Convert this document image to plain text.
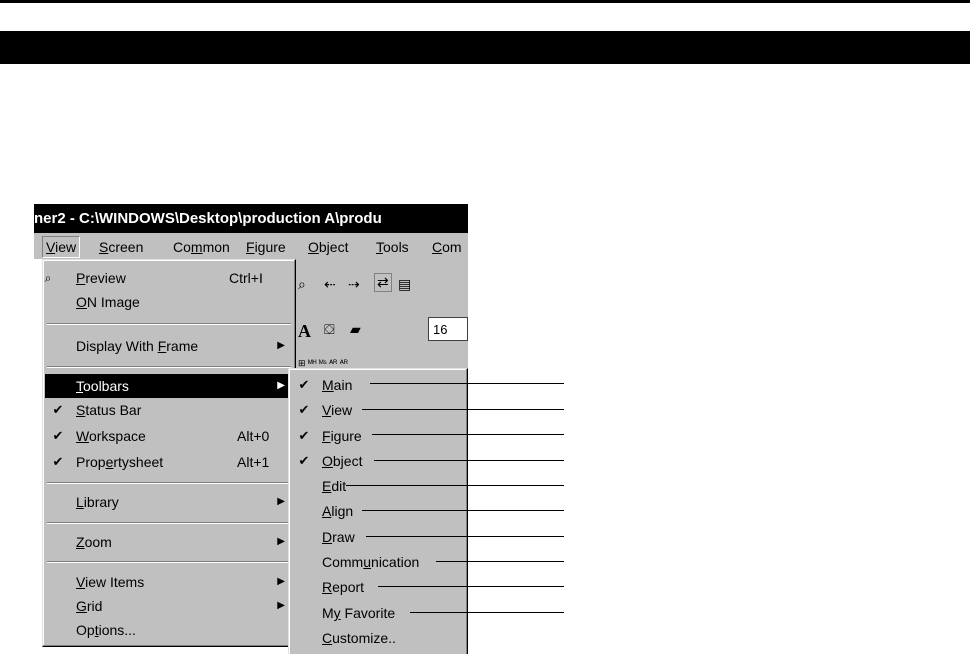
ner2 - C:\WINDOWS\Desktop\production A\produ
View Screen Common Figure Object Tools Com
⌕ ⇠ ⇢ ⇄ ▤
A ⛋ ▰	16
⊞ ᴹᴴ ᴹˢ ᴬᴿ ᴬᴿ
⌕ Preview	Ctrl+I
ON Image
Display With Frame	▶
Toolbars	▶
✔ Status Bar
✔ Workspace	Alt+0
✔ Propertysheet	Alt+1
Library	▶
Zoom	▶
View Items	▶
Grid	▶
Options...
✔ Main
✔ View
✔ Figure
✔ Object
Edit
Align
Draw
Communication
Report
My Favorite
Customize..
